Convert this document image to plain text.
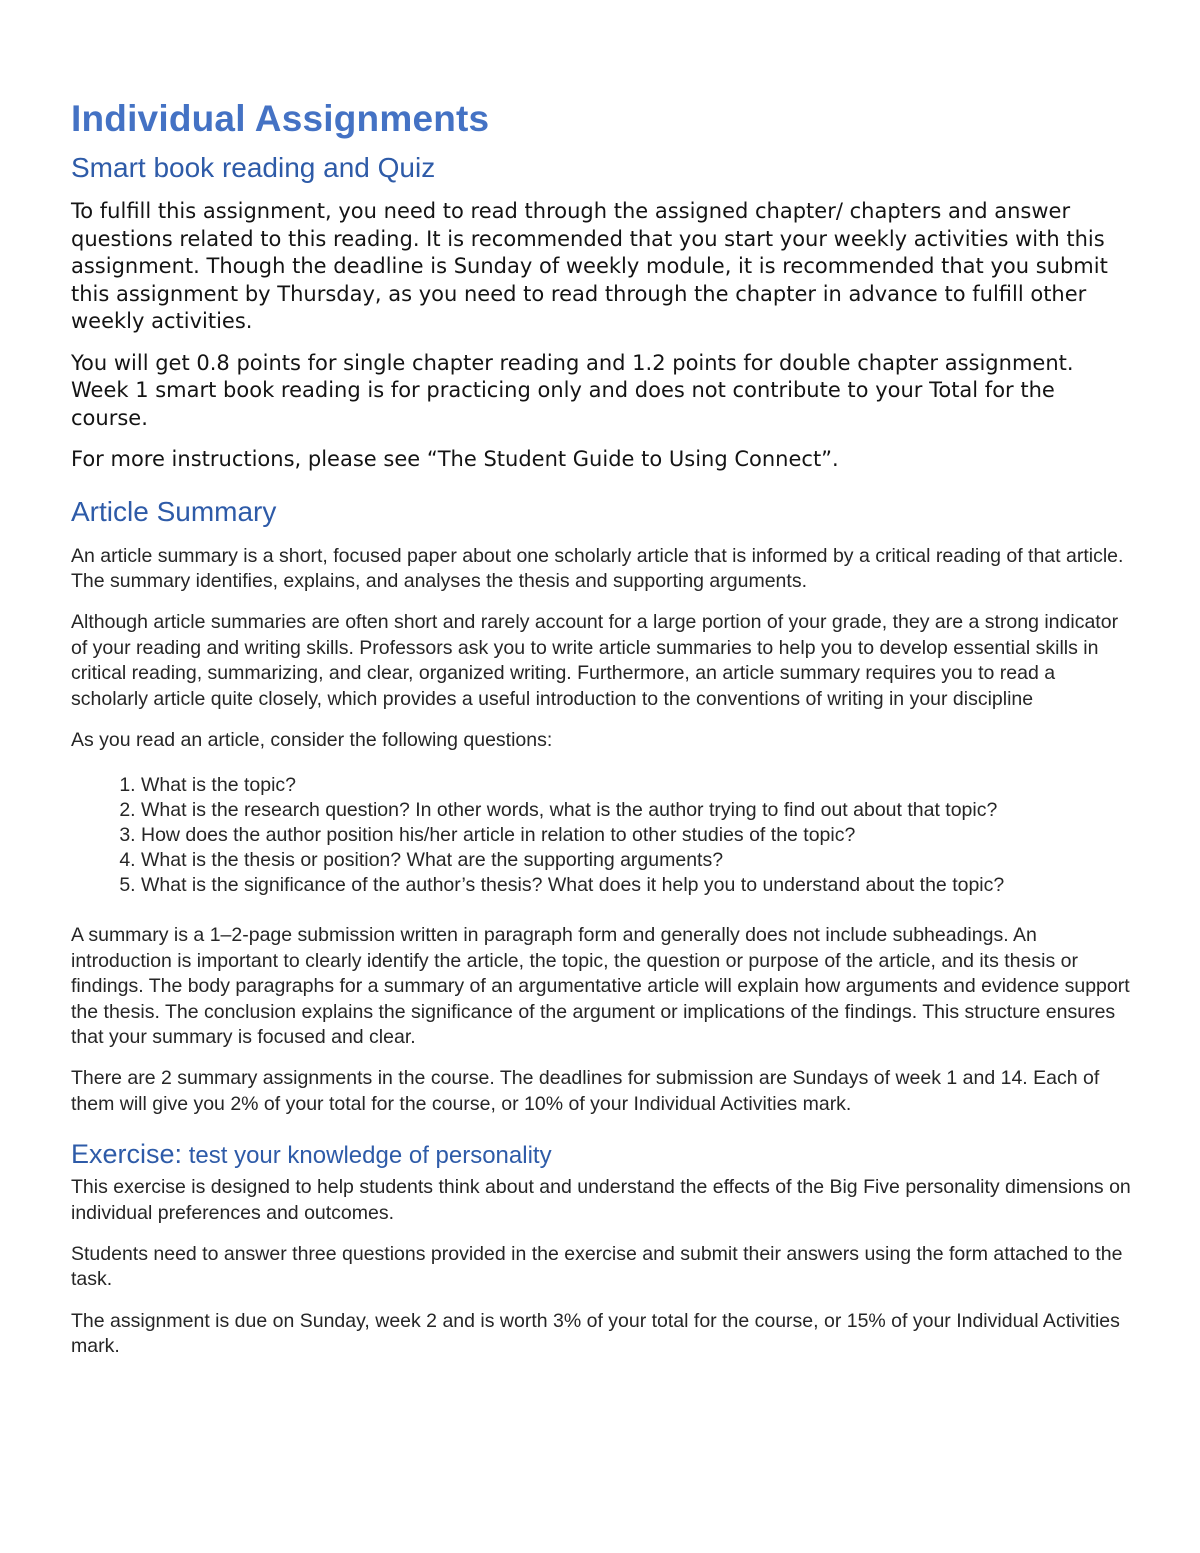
Individual Assignments
Smart book reading and Quiz

To fulfill this assignment, you need to read through the assigned chapter/ chapters and answer questions related to this reading. It is recommended that you start your weekly activities with this assignment. Though the deadline is Sunday of weekly module, it is recommended that you submit this assignment by Thursday, as you need to read through the chapter in advance to fulfill other weekly activities.

You will get 0.8 points for single chapter reading and 1.2 points for double chapter assignment. Week 1 smart book reading is for practicing only and does not contribute to your Total for the course.

For more instructions, please see “The Student Guide to Using Connect”.

Article Summary

An article summary is a short, focused paper about one scholarly article that is informed by a critical reading of that article. The summary identifies, explains, and analyses the thesis and supporting arguments.

Although article summaries are often short and rarely account for a large portion of your grade, they are a strong indicator of your reading and writing skills. Professors ask you to write article summaries to help you to develop essential skills in critical reading, summarizing, and clear, organized writing. Furthermore, an article summary requires you to read a scholarly article quite closely, which provides a useful introduction to the conventions of writing in your discipline

As you read an article, consider the following questions:

1. What is the topic?
2. What is the research question? In other words, what is the author trying to find out about that topic?
3. How does the author position his/her article in relation to other studies of the topic?
4. What is the thesis or position? What are the supporting arguments?
5. What is the significance of the author’s thesis? What does it help you to understand about the topic?

A summary is a 1–2-page submission written in paragraph form and generally does not include subheadings. An introduction is important to clearly identify the article, the topic, the question or purpose of the article, and its thesis or findings. The body paragraphs for a summary of an argumentative article will explain how arguments and evidence support the thesis. The conclusion explains the significance of the argument or implications of the findings. This structure ensures that your summary is focused and clear.

There are 2 summary assignments in the course. The deadlines for submission are Sundays of week 1 and 14. Each of them will give you 2% of your total for the course, or 10% of your Individual Activities mark.

Exercise: test your knowledge of personality

This exercise is designed to help students think about and understand the effects of the Big Five personality dimensions on individual preferences and outcomes.

Students need to answer three questions provided in the exercise and submit their answers using the form attached to the task.

The assignment is due on Sunday, week 2 and is worth 3% of your total for the course, or 15% of your Individual Activities mark.
